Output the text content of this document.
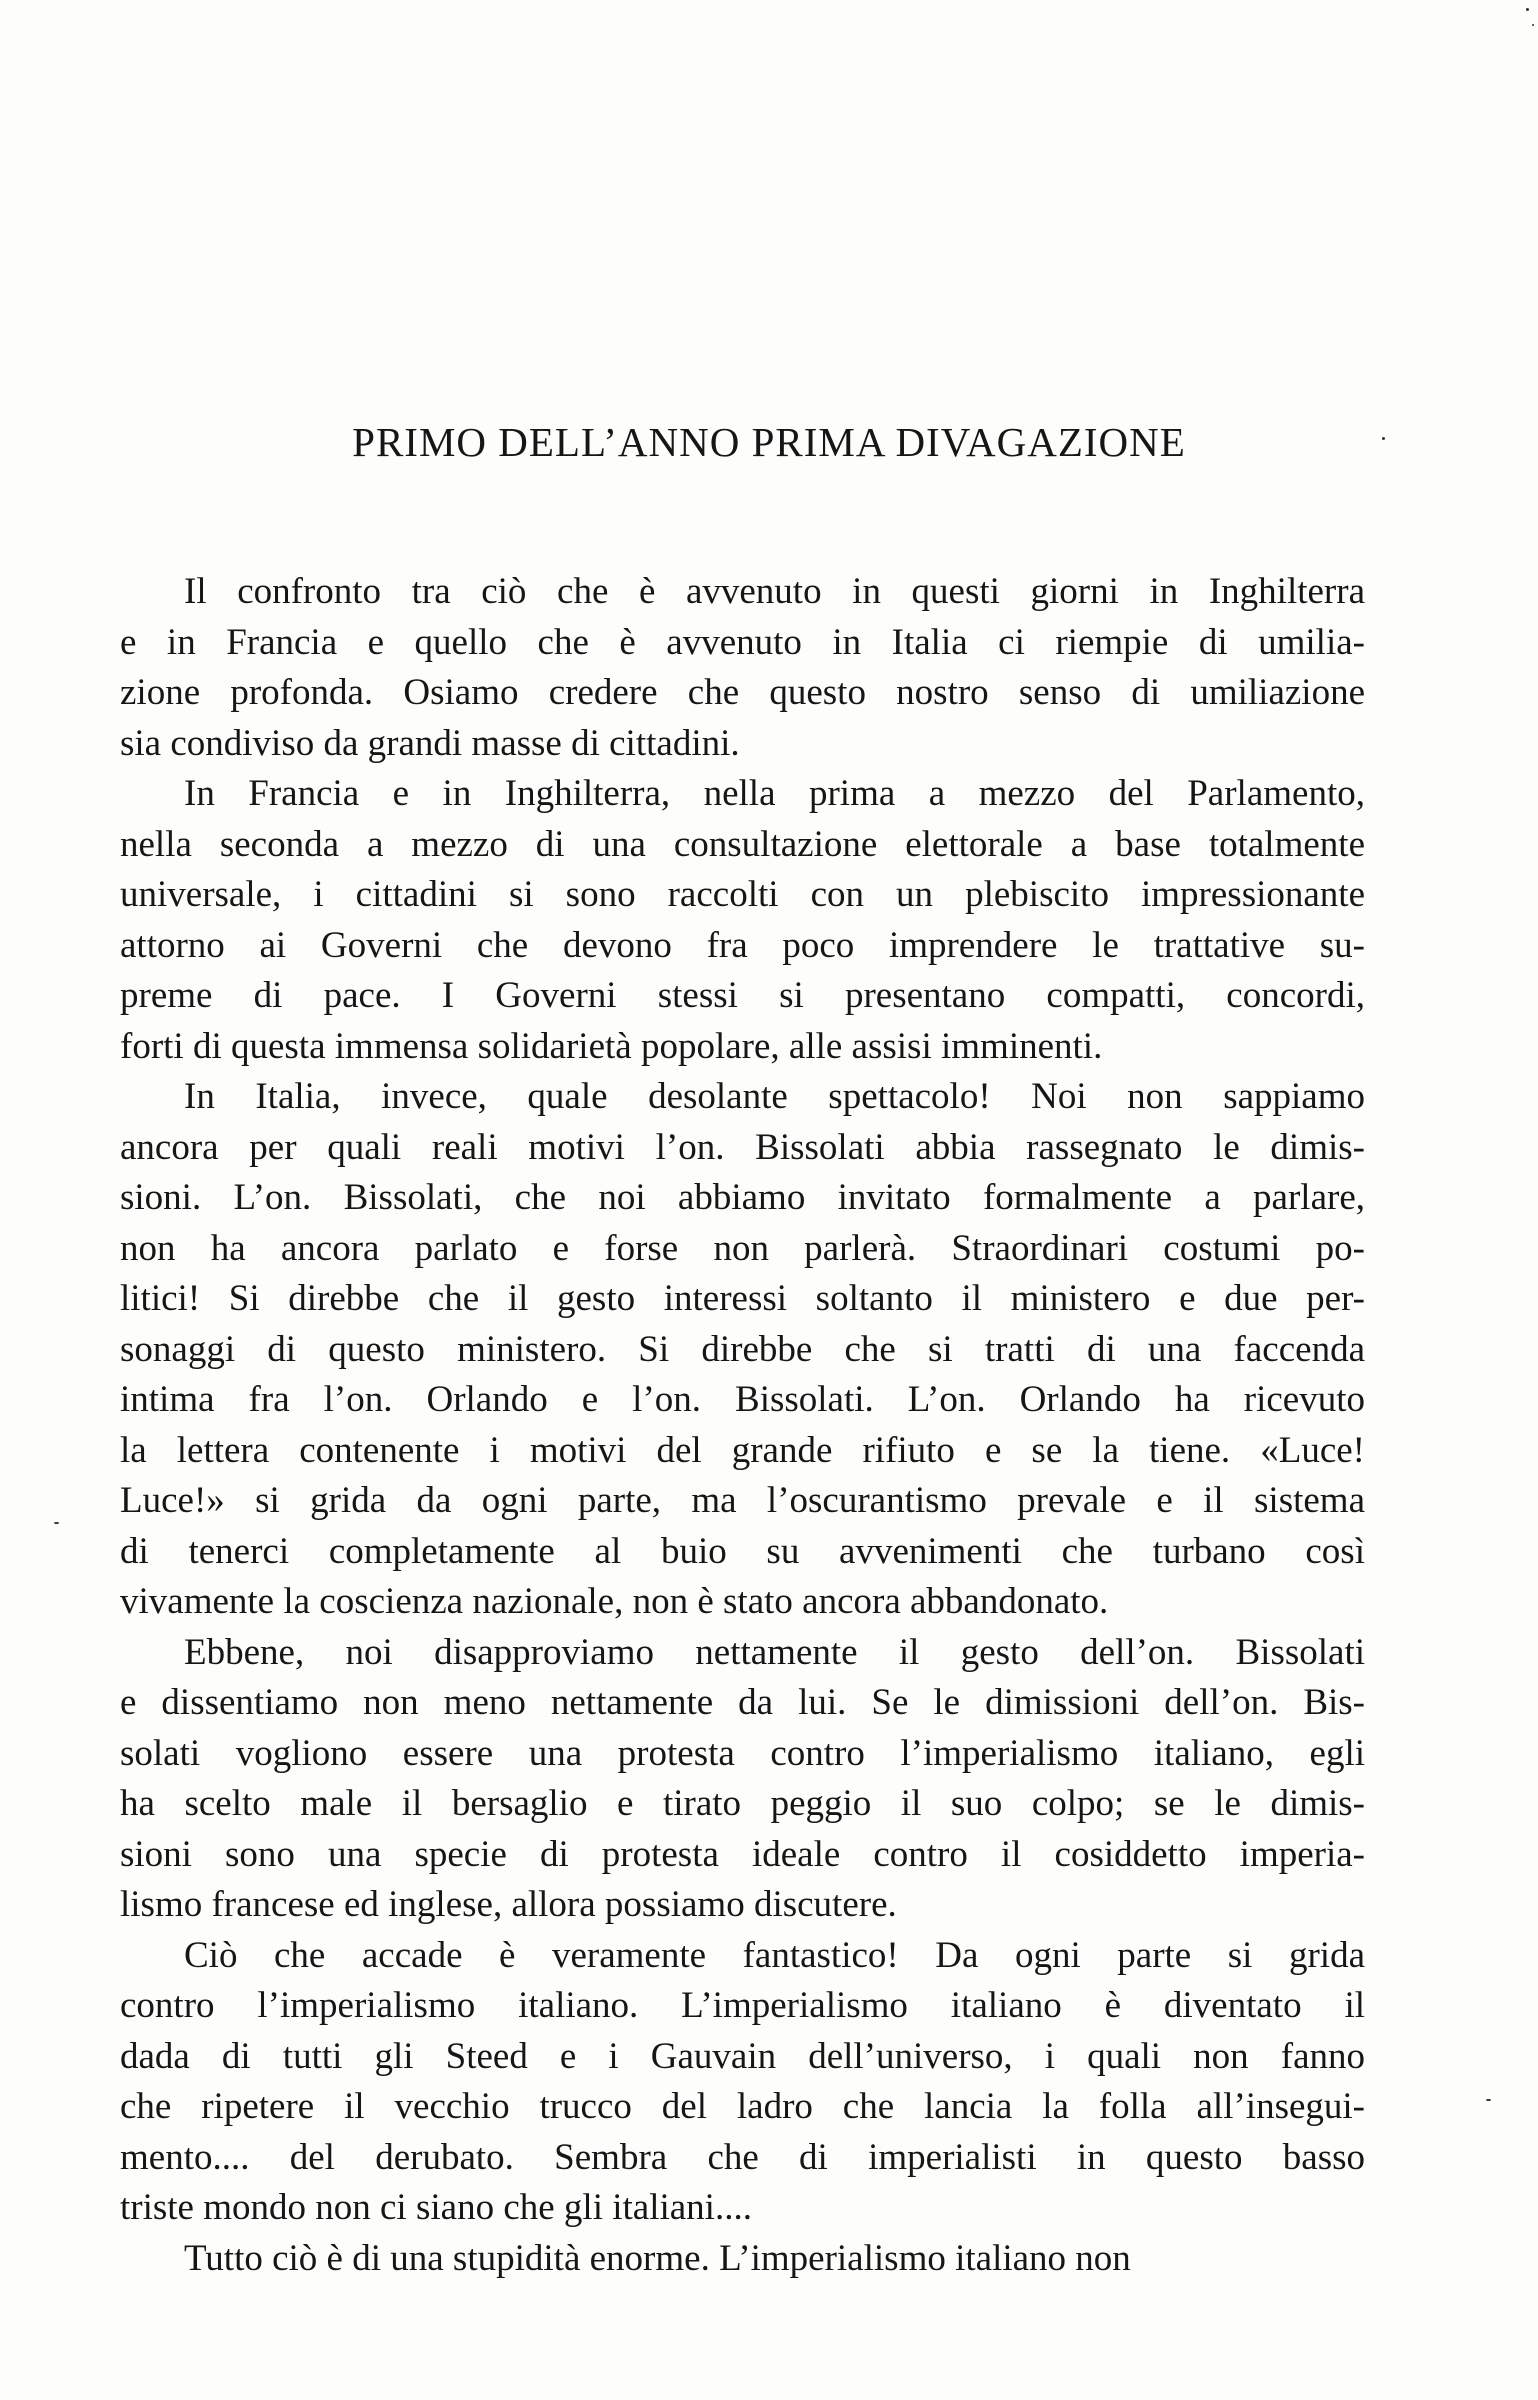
PRIMO DELL’ANNO PRIMA DIVAGAZIONE

Il confronto tra ciò che è avvenuto in questi giorni in Inghilterra
e in Francia e quello che è avvenuto in Italia ci riempie di umilia-
zione profonda. Osiamo credere che questo nostro senso di umiliazione
sia condiviso da grandi masse di cittadini.

In Francia e in Inghilterra, nella prima a mezzo del Parlamento,
nella seconda a mezzo di una consultazione elettorale a base totalmente
universale, i cittadini si sono raccolti con un plebiscito impressionante
attorno ai Governi che devono fra poco imprendere le trattative su-
preme di pace. I Governi stessi si presentano compatti, concordi,
forti di questa immensa solidarietà popolare, alle assisi imminenti.

In Italia, invece, quale desolante spettacolo! Noi non sappiamo
ancora per quali reali motivi l’on. Bissolati abbia rassegnato le dimis-
sioni. L’on. Bissolati, che noi abbiamo invitato formalmente a parlare,
non ha ancora parlato e forse non parlerà. Straordinari costumi po-
litici! Si direbbe che il gesto interessi soltanto il ministero e due per-
sonaggi di questo ministero. Si direbbe che si tratti di una faccenda
intima fra l’on. Orlando e l’on. Bissolati. L’on. Orlando ha ricevuto
la lettera contenente i motivi del grande rifiuto e se la tiene. «Luce!
Luce!» si grida da ogni parte, ma l’oscurantismo prevale e il sistema
di tenerci completamente al buio su avvenimenti che turbano così
vivamente la coscienza nazionale, non è stato ancora abbandonato.

Ebbene, noi disapproviamo nettamente il gesto dell’on. Bissolati
e dissentiamo non meno nettamente da lui. Se le dimissioni dell’on. Bis-
solati vogliono essere una protesta contro l’imperialismo italiano, egli
ha scelto male il bersaglio e tirato peggio il suo colpo; se le dimis-
sioni sono una specie di protesta ideale contro il cosiddetto imperia-
lismo francese ed inglese, allora possiamo discutere.

Ciò che accade è veramente fantastico! Da ogni parte si grida
contro l’imperialismo italiano. L’imperialismo italiano è diventato il
dada di tutti gli Steed e i Gauvain dell’universo, i quali non fanno
che ripetere il vecchio trucco del ladro che lancia la folla all’insegui-
mento.... del derubato. Sembra che di imperialisti in questo basso
triste mondo non ci siano che gli italiani....

Tutto ciò è di una stupidità enorme. L’imperialismo italiano non
